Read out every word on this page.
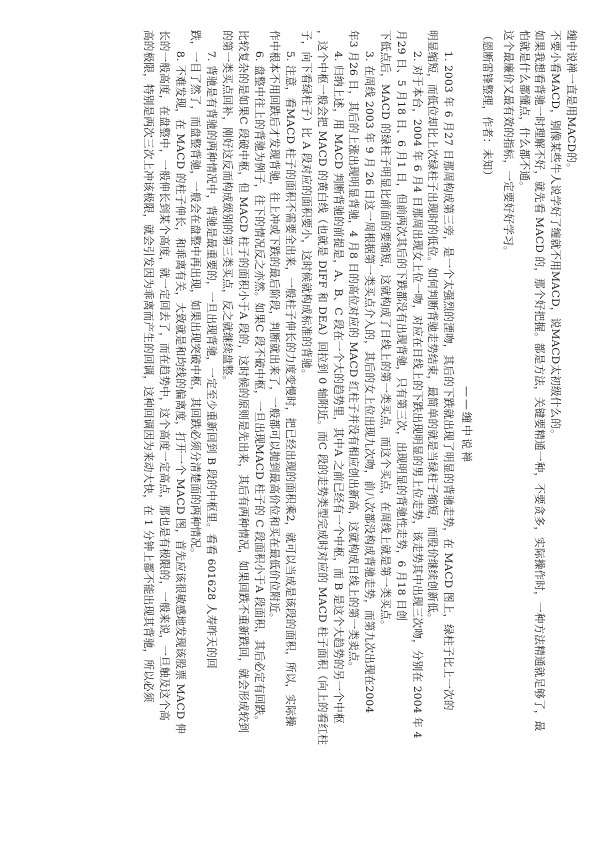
缠中说禅一直是用MACD的。
不要小看MACD，别像某些牛人说学好了缠就不用MACD，说MACD太初级什么的。
如果我想看背驰一时理解不好，就先看 MACD 的，那个好把握。都是方法，关键要精通一种，不要贪多，实际操作时，一种方法精通就足够了，最
怕就是什么都懂点，什么都不通。
这个最廉价又最有效的指标，一定要好好学习。
（恩断雷锋整理，作者：未知）
——缠中说禅
1. 2003 年 6 月27 日那周构成第三旁，是一个太强烈的湮吻，其后的下跌就出现了明显的背驰走势，在 MACD 图上，绿柱子比上一次的
明显缩短，而低位却比上次绿柱子出现时的低位。如何判断背驰走势结束，最简单的就是当绿柱子缩短，而股价继续创新低。
2. 对于本台，2004 年 6 月4 日那周出现女上位一吻，对应在日线上的下跌出现明显的男上位走势，该走势其中出现三次吻，分别在 2004 年 4
月29 日、5 月18 日、6 月1 日，但前两次其后的下跌都没有出现背驰，只有第三次，出现明显的背驰性走势，6 月18 日创
下低点后，MACD 的绿柱子明显比前面的要缩短，这就构成了日线上的第一类买点，而这个买点，在周线上就是第一类买点。
3. 在周线 2003 年 9 月 26 日这一周根据第一类买点介入的，其后的女上位出现九次吻，前八次都没构成背驰走势，而第九次出现在2004
年3 月26 日，其后的上涨出现明显背驰，4 月8 日的高位对应的 MACD 红柱子并没有相应创出新高，这就构成日线上的第一类卖点。
4. 归纳上述，用 MACD 判断背驰的前提是，A、B、C 段在一个大的趋势里，其中A 之前已经有一个中枢，而 B 是这个大趋势的另一个中枢
，这个中枢一般会把 MACD 的黄白线（也就是 DIFF 和 DEA）回拉到 0 轴附近。而C 段的走势类型完成时对应的 MACD 柱子面积（向上的看红柱
子，向下看绿柱子）比 A 段对应的面积要小，这时候就构成标准的背驰。
5. 注意，看MACD 柱子的面积不需要全出来，一般柱子伸长的力度变慢时，把已经出现的面积乘2，就可以当成是该段的面积，所以，实际操
作中根本不用回跌后才发现背驰，往上冲或下跌的最后阶段，判断就出来了，一般都可以抛到最高价位和买在最低价位附近。
6. 盘整中往上的背驰为例子，往下的情况反之亦然。如果C 段不破中枢，一旦出现MACD 柱子的 C 段面积小于A 段面积，其后必定有回跌。
比较复杂的是如果C 段破中枢，但 MACD 柱子的面积小于A 段的，这时候的原则是先出来，其后有两种情况，如果回跌不重新跌回，就会形成较到
的第一类买点回补，刚好这反而构成级别的第三类买点，反之就继续盘整。
7. 背驰是有背驰的两种情况中，背驰是最重要的，一旦出现背驰，一定至少重新回到 B 段的中枢里。看看 601628 人寿昨天的回
跌，一目了然了，而盘整背驰，一般会在盘整中再出现，如果出现突破中枢，其回跌必须分清楚面的两种情况。
8. 不难发现，在 MACD 的柱子伸长，和乖离有关，大致就是和均线的偏离度，打开一个 MACD 图，首先应该很敏感地发现该股票 MACD 伸
长的一般高度，在盘整中，一般伸长到某个高度，就一定回去了，而在趋势中，这个高度一定高点，那也是有极限的，一般来说，一旦触及这个高
高的极限，特别是两次三次上冲该极限，就会引发因为乖离而产生的回调，这种回调因为来动大快，在 1 分钟上都不能出现其背驰，所以必须
